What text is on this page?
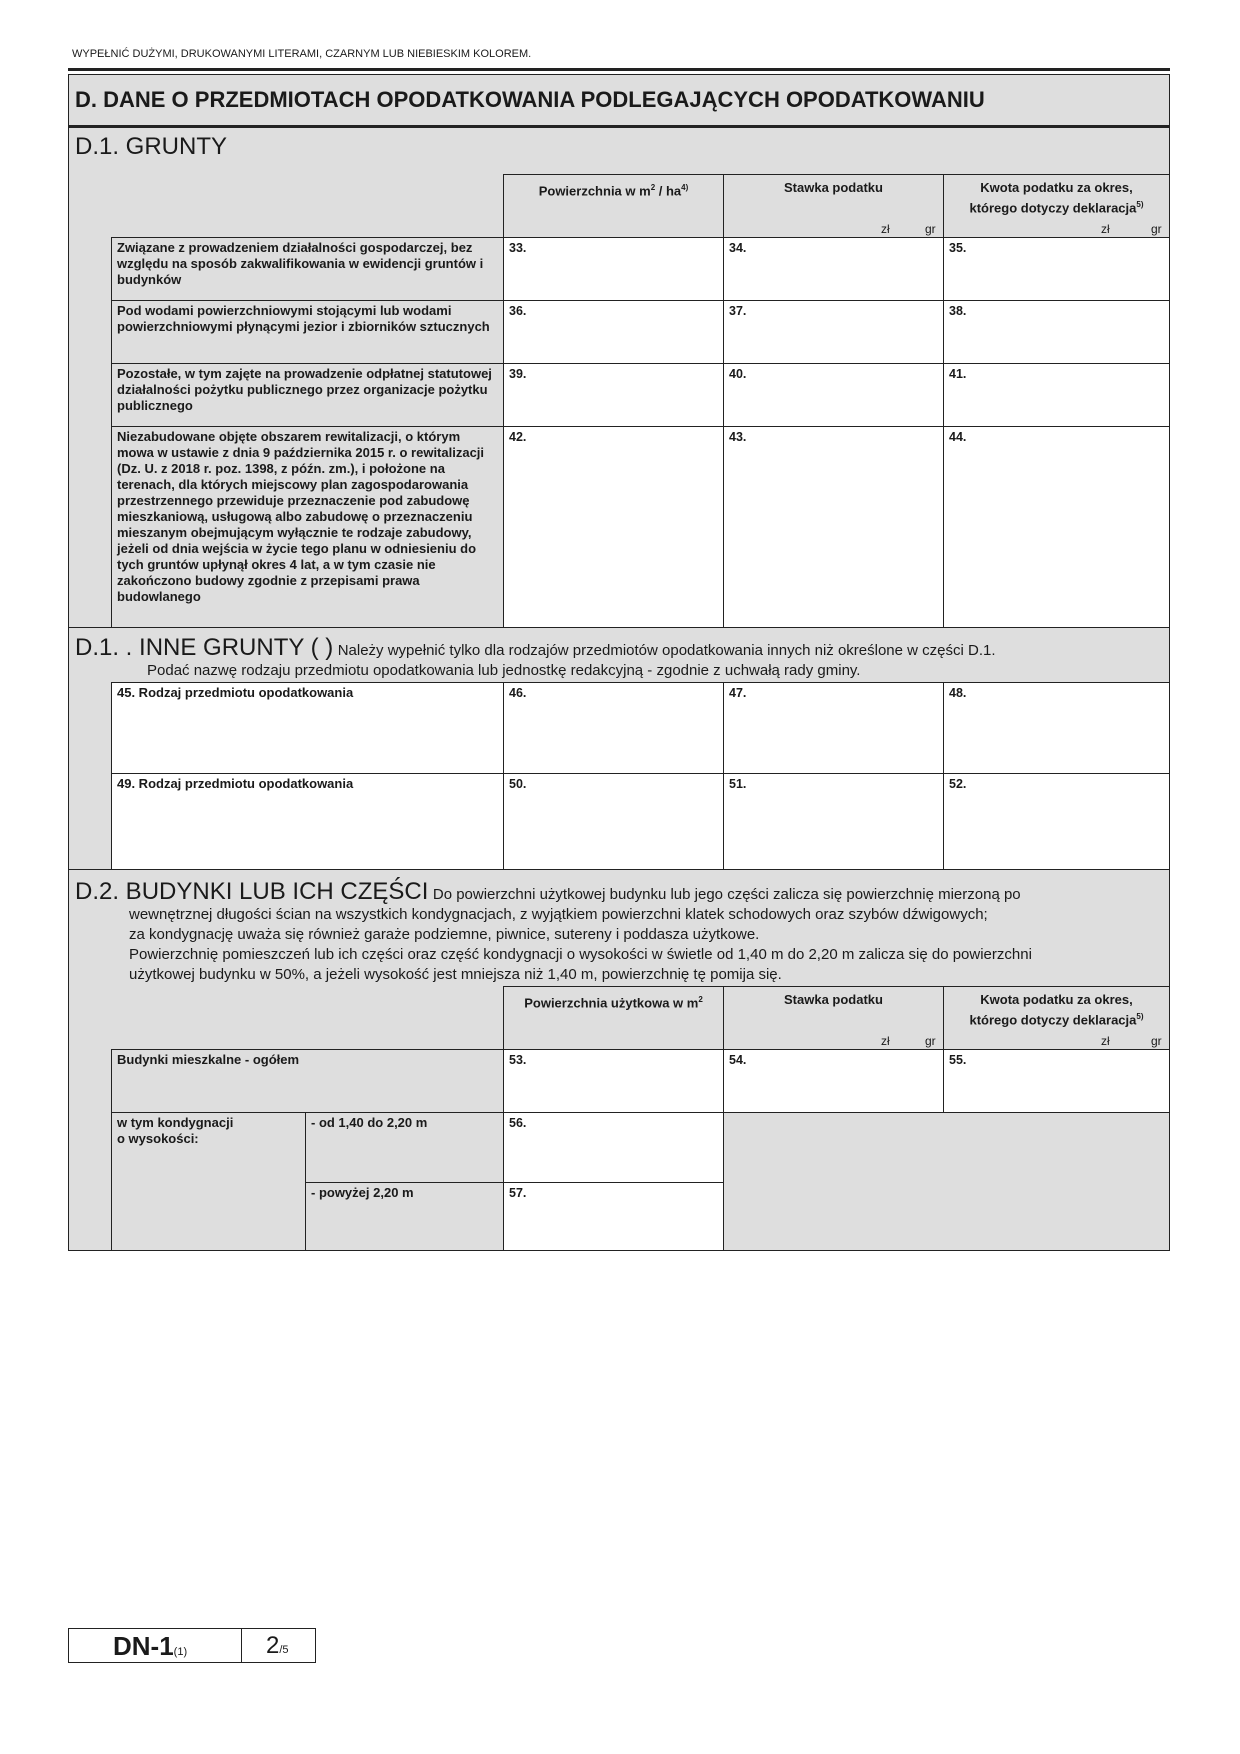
WYPEŁNIĆ DUŻYMI, DRUKOWANYMI LITERAMI, CZARNYM LUB NIEBIESKIM KOLOREM.
D. DANE O PRZEDMIOTACH OPODATKOWANIA PODLEGAJĄCYCH OPODATKOWANIU
D.1. GRUNTY
Powierzchnia w $m^2 / ha^{4)}$	Stawka podatku
zł	gr
Kwota podatku za okres,
którego dotyczy deklaracja$^{5)}$
zł	gr
Związane z prowadzeniem działalności gospodarczej, bez względu na sposób zakwalifikowania w ewidencji gruntów i budynków
33.	34.	35.
Pod wodami powierzchniowymi stojącymi lub wodami powierzchniowymi płynącymi jezior i zbiorników sztucznych
36.	37.	38.
Pozostałe, w tym zajęte na prowadzenie odpłatnej statutowej działalności pożytku publicznego przez organizacje pożytku publicznego
39.	40.	41.
Niezabudowane objęte obszarem rewitalizacji, o którym mowa w ustawie z dnia 9 października 2015 r. o rewitalizacji (Dz. U. z 2018 r. poz. 1398, z późn. zm.), i położone na terenach, dla których miejscowy plan zagospodarowania przestrzennego przewiduje przeznaczenie pod zabudowę mieszkaniową, usługową albo zabudowę o przeznaczeniu mieszanym obejmującym wyłącznie te rodzaje zabudowy, jeżeli od dnia wejścia w życie tego planu w odniesieniu do tych gruntów upłynął okres 4 lat, a w tym czasie nie zakończono budowy zgodnie z przepisami prawa budowlanego
42.	43.	44.
D.1. . INNE GRUNTY ( ) Należy wypełnić tylko dla rodzajów przedmiotów opodatkowania innych niż określone w części D.1.
Podać nazwę rodzaju przedmiotu opodatkowania lub jednostkę redakcyjną - zgodnie z uchwałą rady gminy.
45. Rodzaj przedmiotu opodatkowania	46.	47.	48.
49. Rodzaj przedmiotu opodatkowania	50.	51.	52.
D.2. BUDYNKI LUB ICH CZĘŚCI Do powierzchni użytkowej budynku lub jego części zalicza się powierzchnię mierzoną po
wewnętrznej długości ścian na wszystkich kondygnacjach, z wyjątkiem powierzchni klatek schodowych oraz szybów dźwigowych;
za kondygnację uważa się również garaże podziemne, piwnice, sutereny i poddasza użytkowe.
Powierzchnię pomieszczeń lub ich części oraz część kondygnacji o wysokości w świetle od 1,40 m do 2,20 m zalicza się do powierzchni
użytkowej budynku w 50%, a jeżeli wysokość jest mniejsza niż 1,40 m, powierzchnię tę pomija się.
Powierzchnia użytkowa w $m^2$	Stawka podatku
zł	gr
Kwota podatku za okres,
którego dotyczy deklaracja$^{5)}$
zł	gr
Budynki mieszkalne - ogółem	53.	54.	55.
w tym kondygnacji
o wysokości:
- od 1,40 do 2,20 m	56.
- powyżej 2,20 m	57.
DN-1(1)	2/5
